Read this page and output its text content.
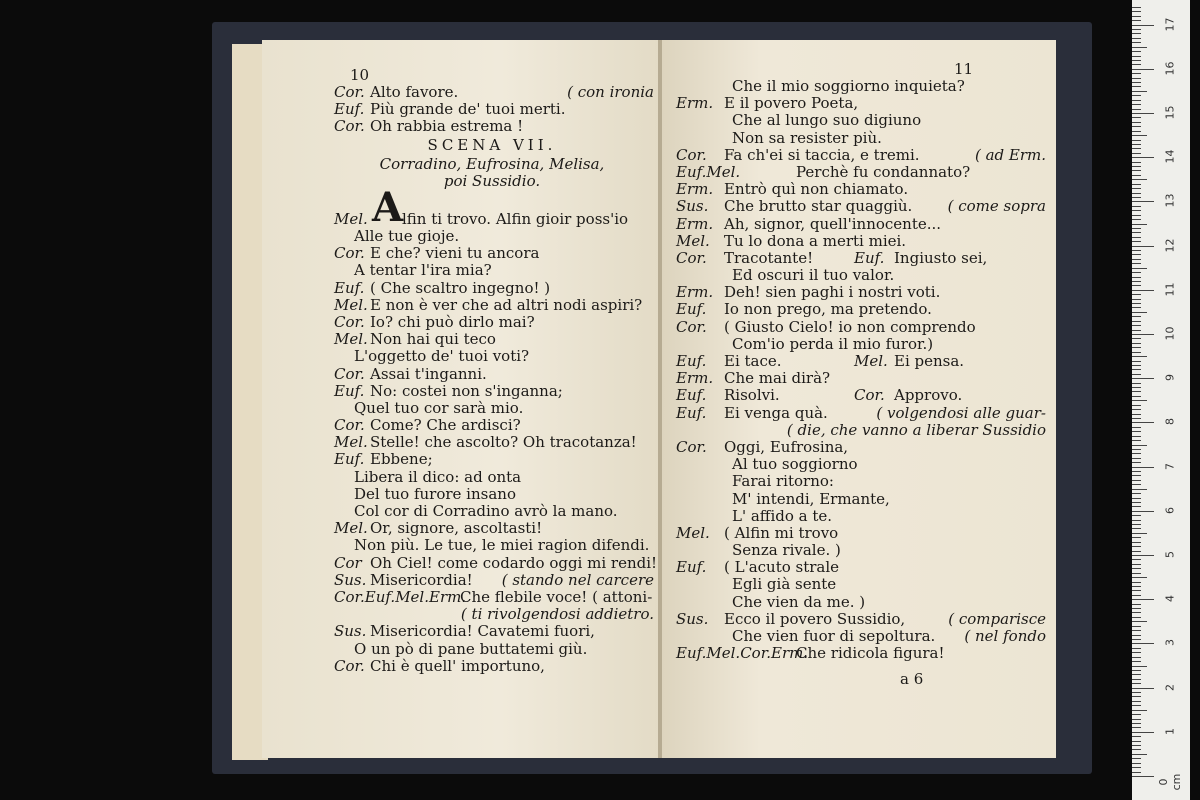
10
Cor. Alto favore.	( con ironia
Euf. Più grande de' tuoi merti.
Cor. Oh rabbia estrema !
SCENA VII.
Corradino, Eufrosina, Melisa,
poi Sussidio.
Mel. A
lfin ti trovo. Alfin gioir poss'io
Alle tue gioje.
Cor. E che? vieni tu ancora
A tentar l'ira mia?
Euf. ( Che scaltro ingegno! )
Mel. E non è ver che ad altri nodi aspiri?
Cor. Io? chi può dirlo mai?
Mel. Non hai qui teco
L'oggetto de' tuoi voti?
Cor. Assai t'inganni.
Euf. No: costei non s'inganna;
Quel tuo cor sarà mio.
Cor. Come? Che ardisci?
Mel. Stelle! che ascolto? Oh tracotanza!
Euf. Ebbene;
Libera il dico: ad onta
Del tuo furore insano
Col cor di Corradino avrò la mano.
Mel. Or, signore, ascoltasti!
Non più. Le tue, le miei ragion difendi.
Cor Oh Ciel! come codardo oggi mi rendi!
Sus. Misericordia! ( stando nel carcere
Cor.Euf.Mel.Erm.
Che flebile voce! ( attoni-
( ti rivolgendosi addietro.
Sus. Misericordia! Cavatemi fuori,
O un pò di pane buttatemi giù.
Cor. Chi è quell' importuno,
11
Che il mio soggiorno inquieta?
Erm. E il povero Poeta,
Che al lungo suo digiuno
Non sa resister più.
Cor. Fa ch'ei si taccia, e tremi.	( ad Erm.
Euf.Mel.	Perchè fu condannato?
Erm. Entrò quì non chiamato.
Sus. Che brutto star quaggiù. ( come sopra
Erm. Ah, signor, quell'innocente...
Mel. Tu lo dona a merti miei.
Cor. Tracotante!	Euf. Ingiusto sei,
Ed oscuri il tuo valor.
Erm. Deh! sien paghi i nostri voti.
Euf. Io non prego, ma pretendo.
Cor. ( Giusto Cielo! io non comprendo
Com'io perda il mio furor.)
Euf. Ei tace.	Mel. Ei pensa.
Erm. Che mai dirà?
Euf. Risolvi.	Cor. Approvo.
Euf. Ei venga quà.	( volgendosi alle guar-
( die, che vanno a liberar Sussidio
Cor. Oggi, Eufrosina,
Al tuo soggiorno
Farai ritorno:
M' intendi, Ermante,
L' affido a te.
Mel. ( Alfin mi trovo
Senza rivale. )
Euf. ( L'acuto strale
Egli già sente
Che vien da me. )
Sus. Ecco il povero Sussidio,	( comparisce
Che vien fuor di sepoltura. ( nel fondo
Euf.Mel.Cor.Erm.
Che ridicola figura!
a 6
0 cm
1
2
3
4
5
6
7
8
9
10
11
12
13
14
15
16
17
